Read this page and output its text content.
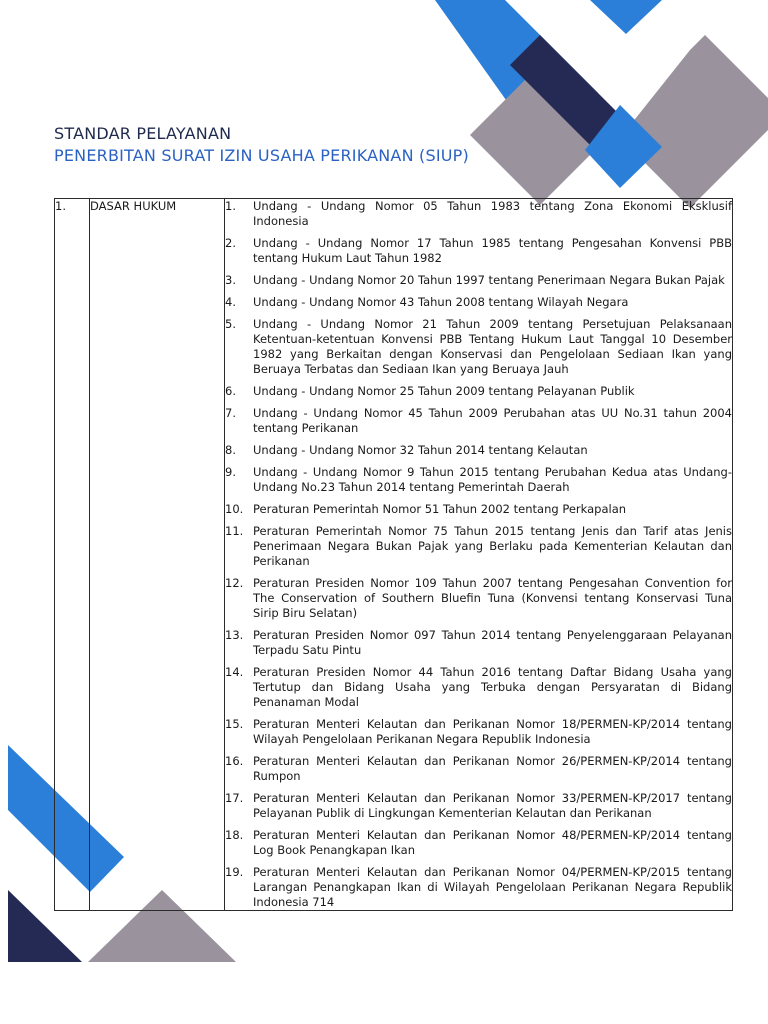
STANDAR PELAYANAN
PENERBITAN SURAT IZIN USAHA PERIKANAN (SIUP)
1.	DASAR HUKUM	1.	Undang - Undang Nomor 05 Tahun 1983 tentang Zona Ekonomi Eksklusif Indonesia
2.	Undang - Undang Nomor 17 Tahun 1985 tentang Pengesahan Konvensi PBB tentang Hukum Laut Tahun 1982
3.	Undang - Undang Nomor 20 Tahun 1997 tentang Penerimaan Negara Bukan Pajak
4.	Undang - Undang Nomor 43 Tahun 2008 tentang Wilayah Negara
5.	Undang - Undang Nomor 21 Tahun 2009 tentang Persetujuan Pelaksanaan Ketentuan-ketentuan Konvensi PBB Tentang Hukum Laut Tanggal 10 Desember 1982 yang Berkaitan dengan Konservasi dan Pengelolaan Sediaan Ikan yang Beruaya Terbatas dan Sediaan Ikan yang Beruaya Jauh
6.	Undang - Undang Nomor 25 Tahun 2009 tentang Pelayanan Publik
7.	Undang - Undang Nomor 45 Tahun 2009 Perubahan atas UU No.31 tahun 2004 tentang Perikanan
8.	Undang - Undang Nomor 32 Tahun 2014 tentang Kelautan
9.	Undang - Undang Nomor 9 Tahun 2015 tentang Perubahan Kedua atas Undang-Undang No.23 Tahun 2014 tentang Pemerintah Daerah
10. Peraturan Pemerintah Nomor 51 Tahun 2002 tentang Perkapalan
11. Peraturan Pemerintah Nomor 75 Tahun 2015 tentang Jenis dan Tarif atas Jenis Penerimaan Negara Bukan Pajak yang Berlaku pada Kementerian Kelautan dan Perikanan
12. Peraturan Presiden Nomor 109 Tahun 2007 tentang Pengesahan Convention for The Conservation of Southern Bluefin Tuna (Konvensi tentang Konservasi Tuna Sirip Biru Selatan)
13. Peraturan Presiden Nomor 097 Tahun 2014 tentang Penyelenggaraan Pelayanan Terpadu Satu Pintu
14. Peraturan Presiden Nomor 44 Tahun 2016 tentang Daftar Bidang Usaha yang Tertutup dan Bidang Usaha yang Terbuka dengan Persyaratan di Bidang Penanaman Modal
15. Peraturan Menteri Kelautan dan Perikanan Nomor 18/PERMEN-KP/2014 tentang Wilayah Pengelolaan Perikanan Negara Republik Indonesia
16. Peraturan Menteri Kelautan dan Perikanan Nomor 26/PERMEN-KP/2014 tentang Rumpon
17. Peraturan Menteri Kelautan dan Perikanan Nomor 33/PERMEN-KP/2017 tentang Pelayanan Publik di Lingkungan Kementerian Kelautan dan Perikanan
18. Peraturan Menteri Kelautan dan Perikanan Nomor 48/PERMEN-KP/2014 tentang Log Book Penangkapan Ikan
19. Peraturan Menteri Kelautan dan Perikanan Nomor 04/PERMEN-KP/2015 tentang Larangan Penangkapan Ikan di Wilayah Pengelolaan Perikanan Negara Republik Indonesia 714
